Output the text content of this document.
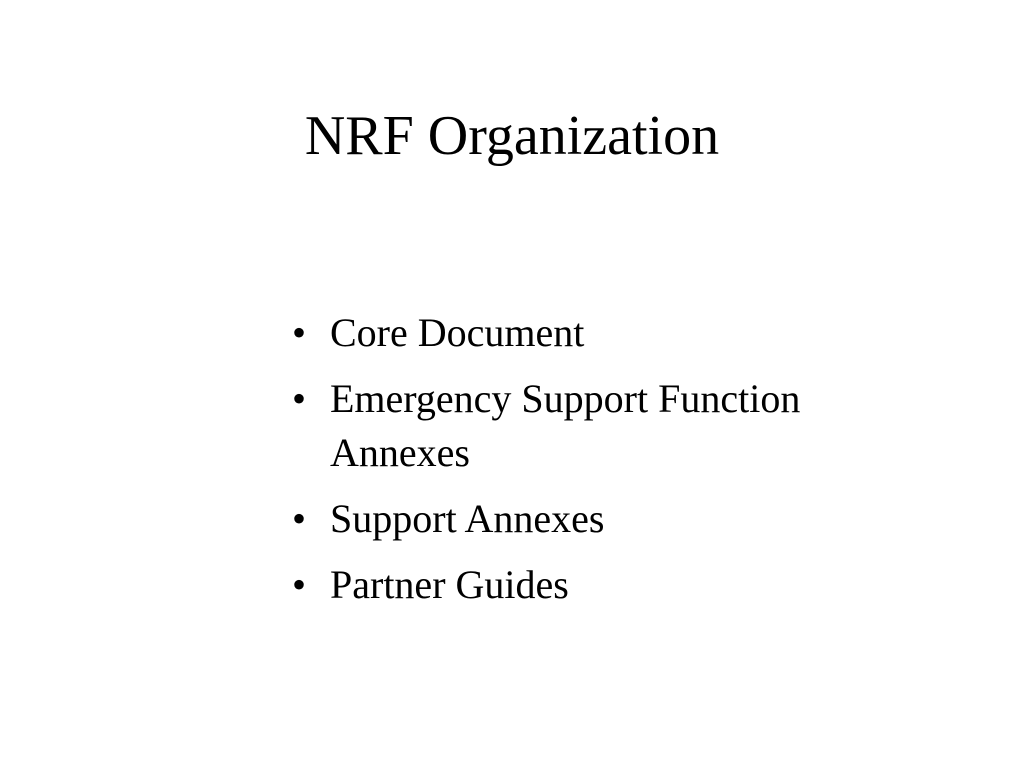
NRF Organization
• Core Document
• Emergency Support Function Annexes
• Support Annexes
• Partner Guides
